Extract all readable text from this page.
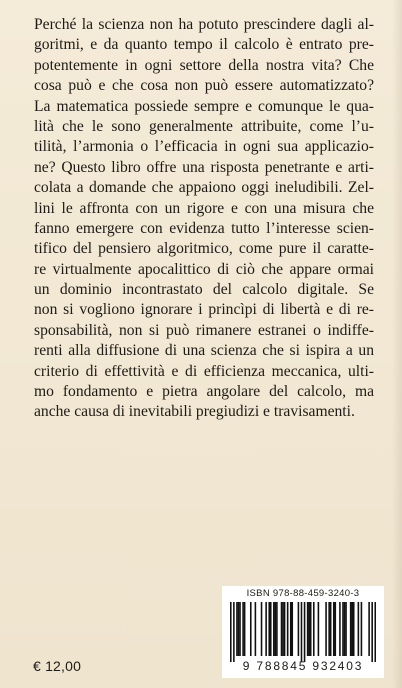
Perché la scienza non ha potuto prescindere dagli al-
goritmi, e da quanto tempo il calcolo è entrato pre-
potentemente in ogni settore della nostra vita? Che
cosa può e che cosa non può essere automatizzato?
La matematica possiede sempre e comunque le qua-
lità che le sono generalmente attribuite, come l’u-
tilità, l’armonia o l’efficacia in ogni sua applicazio-
ne? Questo libro offre una risposta penetrante e arti-
colata a domande che appaiono oggi ineludibili. Zel-
lini le affronta con un rigore e con una misura che
fanno emergere con evidenza tutto l’interesse scien-
tifico del pensiero algoritmico, come pure il caratte-
re virtualmente apocalittico di ciò che appare ormai
un dominio incontrastato del calcolo digitale. Se
non si vogliono ignorare i princìpi di libertà e di re-
sponsabilità, non si può rimanere estranei o indiffe-
renti alla diffusione di una scienza che si ispira a un
criterio di effettività e di efficienza meccanica, ulti-
mo fondamento e pietra angolare del calcolo, ma
anche causa di inevitabili pregiudizi e travisamenti.
€ 12,00
ISBN 978-88-459-3240-3
9 788845 932403
